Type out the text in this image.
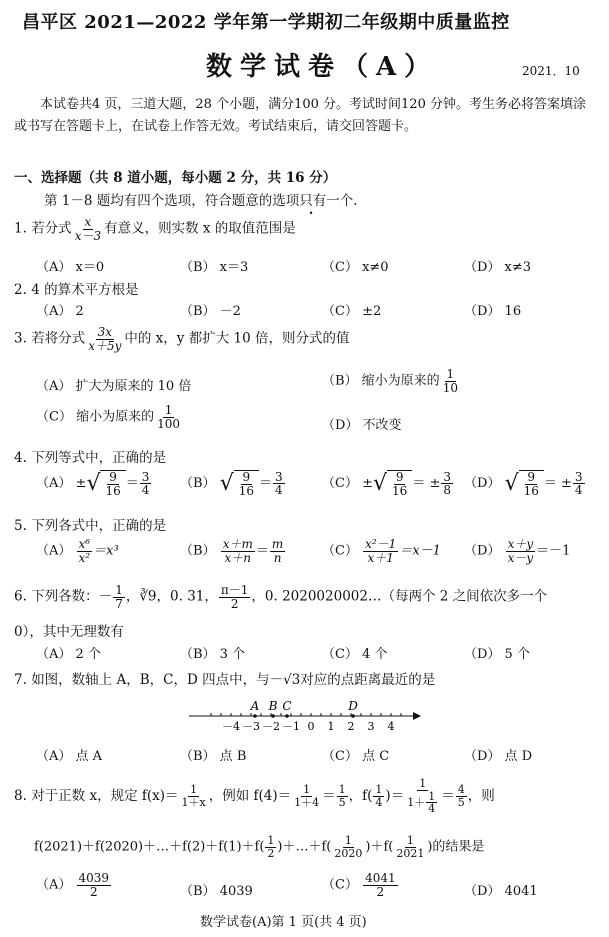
昌平区 2021—2022 学年第一学期初二年级期中质量监控
数学试卷（A）	2021．10
本试卷共4 页，三道大题，28 个小题，满分100 分。考试时间120 分钟。考生务必将答案填涂或书写在答题卡上，在试卷上作答无效。考试结束后，请交回答题卡。
一、选择题（共 8 道小题，每小题 2 分，共 16 分）
第 1－8 题均有四个选项，符合题意的选项只有一个.
1. 若分式 $\frac{x}{x-3}$ 有意义，则实数 x 的取值范围是
（A） x＝0	（B） x＝3	（C） x≠0	（D） x≠3
2. 4 的算术平方根是
（A） 2	（B） －2	（C） ±2	（D） 16
3. 若将分式 $\frac{3x}{x+5y}$ 中的 x，y 都扩大 10 倍，则分式的值
（A） 扩大为原来的 10 倍	（B） 缩小为原来的 $\frac{1}{10}$
（C） 缩小为原来的 $\frac{1}{100}$	（D） 不改变
4. 下列等式中，正确的是
（A） ± √ $\frac{9}{16} = \frac{3}{4} (B)$ √ $\frac{9}{16} = \frac{3}{4}$	（C） ± √ $\frac{9}{16}$ ＝ ± $\frac{3}{8} (D)$ √ $\frac{9}{16}$ ＝ ± $\frac{3}{4}$
5. 下列各式中，正确的是
$(A) \frac{\text{x⁶}}{\text{x²}} =x^3$	$(B) \frac{x+m}{x+n} = \frac{m}{n}$	$(C) \frac{\text{x²－1}}{x+1} =x-1$ $(D) \frac{x+y}{x-y} =-1$
6. 下列各数：－ $\frac{1}{7}$ ，∛9，0. 31， $\frac{\pi-1}{2}$ ，0. 2020020002…（每两个 2 之间依次多一个
0），其中无理数有
（A） 2 个	（B） 3 个	（C） 4 个	（D） 5 个
7. 如图，数轴上 A，B，C，D 四点中，与－√3对应的点距离最近的是
－4 －3 －2 －1 0 1 2 3 4
A B C	D
（A） 点 A	（B） 点 B	（C） 点 C	（D） 点 D
8. 对于正数 x，规定 $f(x)= \frac{1}{1+x}$ ，例如 $f(4)= \frac{1}{1+4} = \frac{1}{5}$ ，$f( \frac{1}{4}$ )＝ $\frac{1}{1+ \frac{1}{4}} = \frac{4}{5}$ ，则
f(2021)＋f(2020)＋…＋f(2)＋f(1)＋f( $\frac{1}{2}$ )＋…＋f( $\frac{1}{2020} )+f( \frac{1}{2021}$ )的结果是
$(A) \frac{4039}{2}$	（B） 4039	$(C) \frac{4041}{2}$	（D） 4041
数学试卷(A)第 1 页(共 4 页)
